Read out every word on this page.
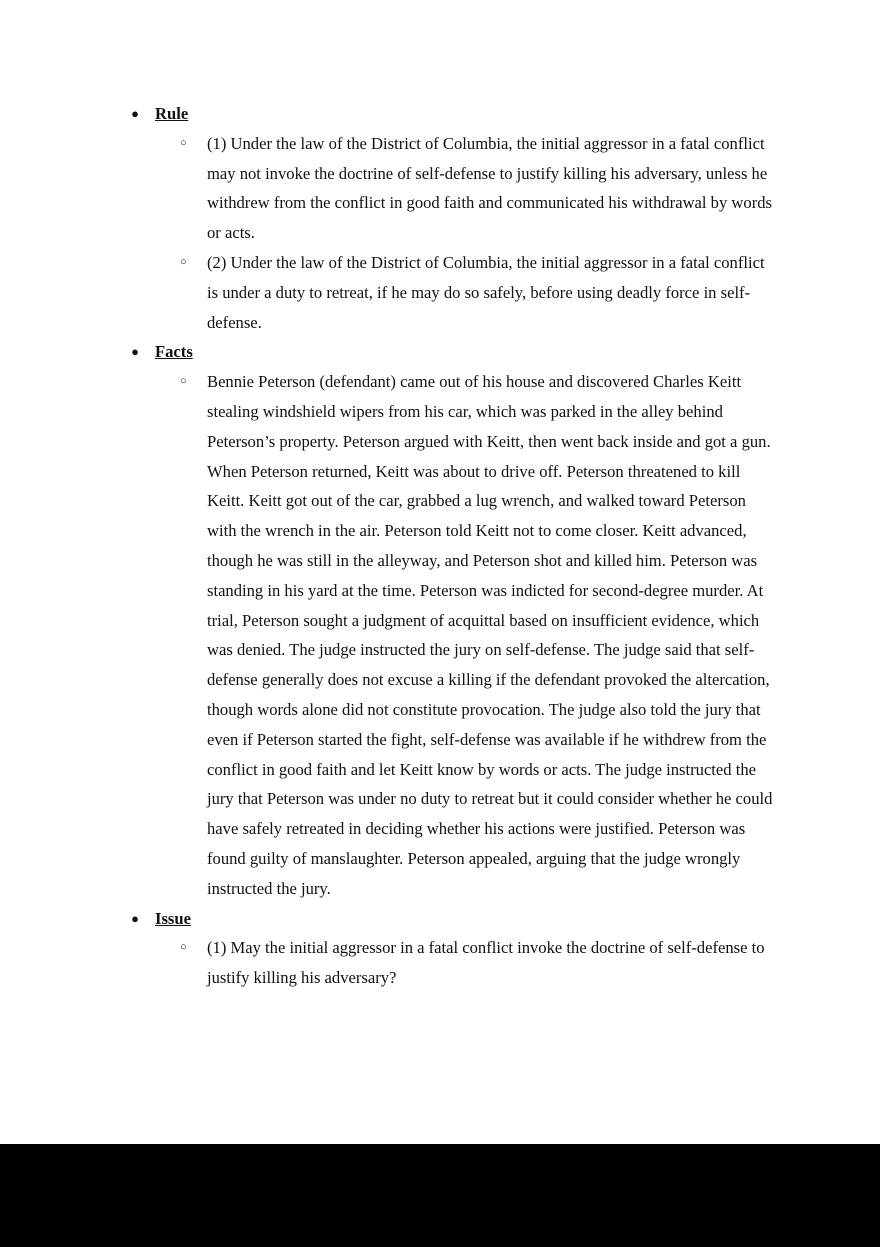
● Rule
○ (1) Under the law of the District of Columbia, the initial aggressor in a fatal conflict may not invoke the doctrine of self-defense to justify killing his adversary, unless he withdrew from the conflict in good faith and communicated his withdrawal by words or acts.
○ (2) Under the law of the District of Columbia, the initial aggressor in a fatal conflict is under a duty to retreat, if he may do so safely, before using deadly force in self-defense.
● Facts
○ Bennie Peterson (defendant) came out of his house and discovered Charles Keitt stealing windshield wipers from his car, which was parked in the alley behind Peterson’s property. Peterson argued with Keitt, then went back inside and got a gun. When Peterson returned, Keitt was about to drive off. Peterson threatened to kill Keitt. Keitt got out of the car, grabbed a lug wrench, and walked toward Peterson with the wrench in the air. Peterson told Keitt not to come closer. Keitt advanced, though he was still in the alleyway, and Peterson shot and killed him. Peterson was standing in his yard at the time. Peterson was indicted for second-degree murder. At trial, Peterson sought a judgment of acquittal based on insufficient evidence, which was denied. The judge instructed the jury on self-defense. The judge said that self-defense generally does not excuse a killing if the defendant provoked the altercation, though words alone did not constitute provocation. The judge also told the jury that even if Peterson started the fight, self-defense was available if he withdrew from the conflict in good faith and let Keitt know by words or acts. The judge instructed the jury that Peterson was under no duty to retreat but it could consider whether he could have safely retreated in deciding whether his actions were justified. Peterson was found guilty of manslaughter. Peterson appealed, arguing that the judge wrongly instructed the jury.
● Issue
○ (1) May the initial aggressor in a fatal conflict invoke the doctrine of self-defense to justify killing his adversary?
